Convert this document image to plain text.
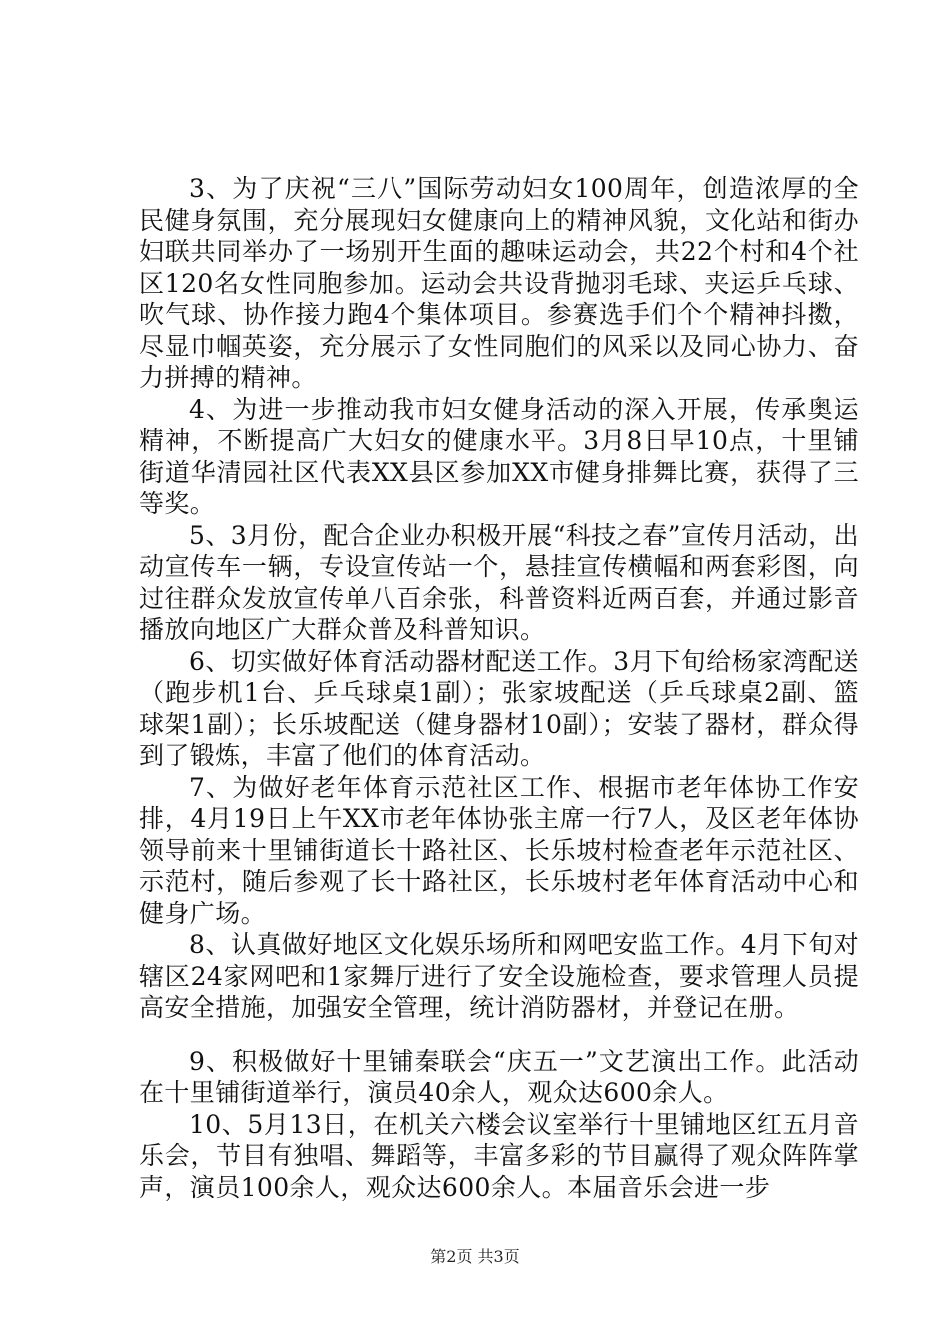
3、为了庆祝“三八”国际劳动妇女100周年，创造浓厚的全民健身氛围，充分展现妇女健康向上的精神风貌，文化站和街办妇联共同举办了一场别开生面的趣味运动会，共22个村和4个社区120名女性同胞参加。运动会共设背抛羽毛球、夹运乒乓球、吹气球、协作接力跑4个集体项目。参赛选手们个个精神抖擞，尽显巾帼英姿，充分展示了女性同胞们的风采以及同心协力、奋力拼搏的精神。

4、为进一步推动我市妇女健身活动的深入开展，传承奥运精神，不断提高广大妇女的健康水平。3月8日早10点，十里铺街道华清园社区代表XX县区参加XX市健身排舞比赛，获得了三等奖。

5、3月份，配合企业办积极开展“科技之春”宣传月活动，出动宣传车一辆，专设宣传站一个，悬挂宣传横幅和两套彩图，向过往群众发放宣传单八百余张，科普资料近两百套，并通过影音播放向地区广大群众普及科普知识。

6、切实做好体育活动器材配送工作。3月下旬给杨家湾配送（跑步机1台、乒乓球桌1副）；张家坡配送（乒乓球桌2副、篮球架1副）；长乐坡配送（健身器材10副）；安装了器材，群众得到了锻炼，丰富了他们的体育活动。

7、为做好老年体育示范社区工作、根据市老年体协工作安排，4月19日上午XX市老年体协张主席一行7人，及区老年体协领导前来十里铺街道长十路社区、长乐坡村检查老年示范社区、示范村，随后参观了长十路社区，长乐坡村老年体育活动中心和健身广场。

8、认真做好地区文化娱乐场所和网吧安监工作。4月下旬对辖区24家网吧和1家舞厅进行了安全设施检查，要求管理人员提高安全措施，加强安全管理，统计消防器材，并登记在册。

9、积极做好十里铺秦联会“庆五一”文艺演出工作。此活动在十里铺街道举行，演员40余人，观众达600余人。

10、5月13日，在机关六楼会议室举行十里铺地区红五月音乐会，节目有独唱、舞蹈等，丰富多彩的节目赢得了观众阵阵掌声，演员100余人，观众达600余人。本届音乐会进一步

第2页 共3页
